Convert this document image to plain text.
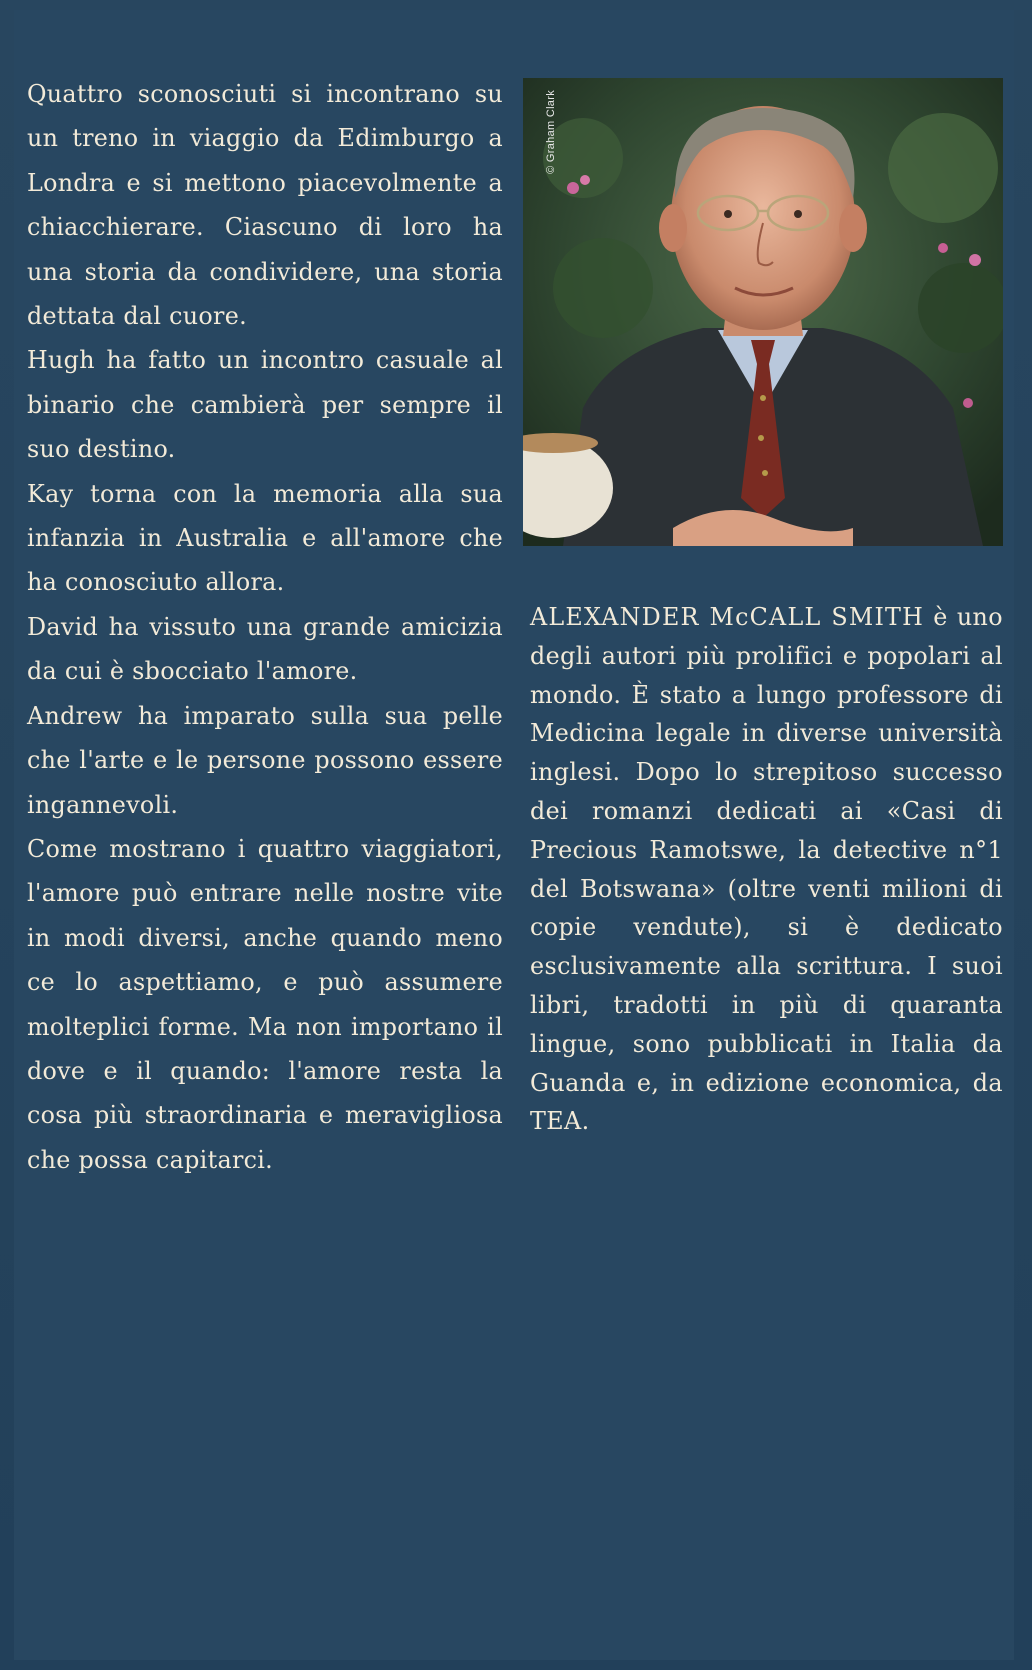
Quattro sconosciuti si incontrano su un treno in viaggio da Edimburgo a Londra e si mettono piacevolmente a chiacchierare. Ciascuno di loro ha una storia da condividere, una storia dettata dal cuore.

Hugh ha fatto un incontro casuale al binario che cambierà per sempre il suo destino.

Kay torna con la memoria alla sua infanzia in Australia e all'amore che ha conosciuto allora.

David ha vissuto una grande amicizia da cui è sbocciato l'amore.

Andrew ha imparato sulla sua pelle che l'arte e le persone possono essere ingannevoli.

Come mostrano i quattro viaggiatori, l'amore può entrare nelle nostre vite in modi diversi, anche quando meno ce lo aspettiamo, e può assumere molteplici forme. Ma non importano il dove e il quando: l'amore resta la cosa più straordinaria e meravigliosa che possa capitarci.

© Graham Clark

ALEXANDER McCALL SMITH è uno degli autori più prolifici e popolari al mondo. È stato a lungo professore di Medicina legale in diverse università inglesi. Dopo lo strepitoso successo dei romanzi dedicati ai «Casi di Precious Ramotswe, la detective n°1 del Botswana» (oltre venti milioni di copie vendute), si è dedicato esclusivamente alla scrittura. I suoi libri, tradotti in più di quaranta lingue, sono pubblicati in Italia da Guanda e, in edizione economica, da TEA.
